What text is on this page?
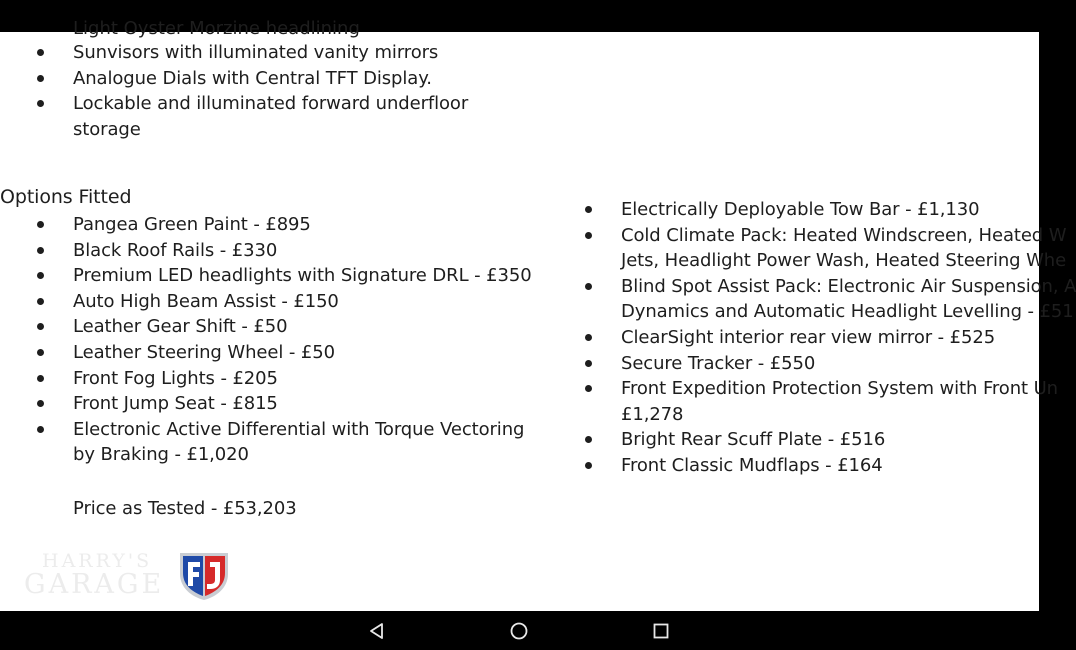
Light Oyster Morzine headlining
Sunvisors with illuminated vanity mirrors
Analogue Dials with Central TFT Display.
Lockable and illuminated forward underfloor
storage
Options Fitted
Pangea Green Paint - £895
Black Roof Rails - £330
Premium LED headlights with Signature DRL - £350
Auto High Beam Assist - £150
Leather Gear Shift - £50
Leather Steering Wheel - £50
Front Fog Lights - £205
Front Jump Seat - £815
Electronic Active Differential with Torque Vectoring
by Braking - £1,020
Price as Tested - £53,203
Electrically Deployable Tow Bar - £1,130
Cold Climate Pack: Heated Windscreen, Heated W
Jets, Headlight Power Wash, Heated Steering Whe
Blind Spot Assist Pack: Electronic Air Suspension, A
Dynamics and Automatic Headlight Levelling - £51
ClearSight interior rear view mirror - £525
Secure Tracker - £550
Front Expedition Protection System with Front Un
£1,278
Bright Rear Scuff Plate - £516
Front Classic Mudflaps - £164
HARRY'S
GARAGE
